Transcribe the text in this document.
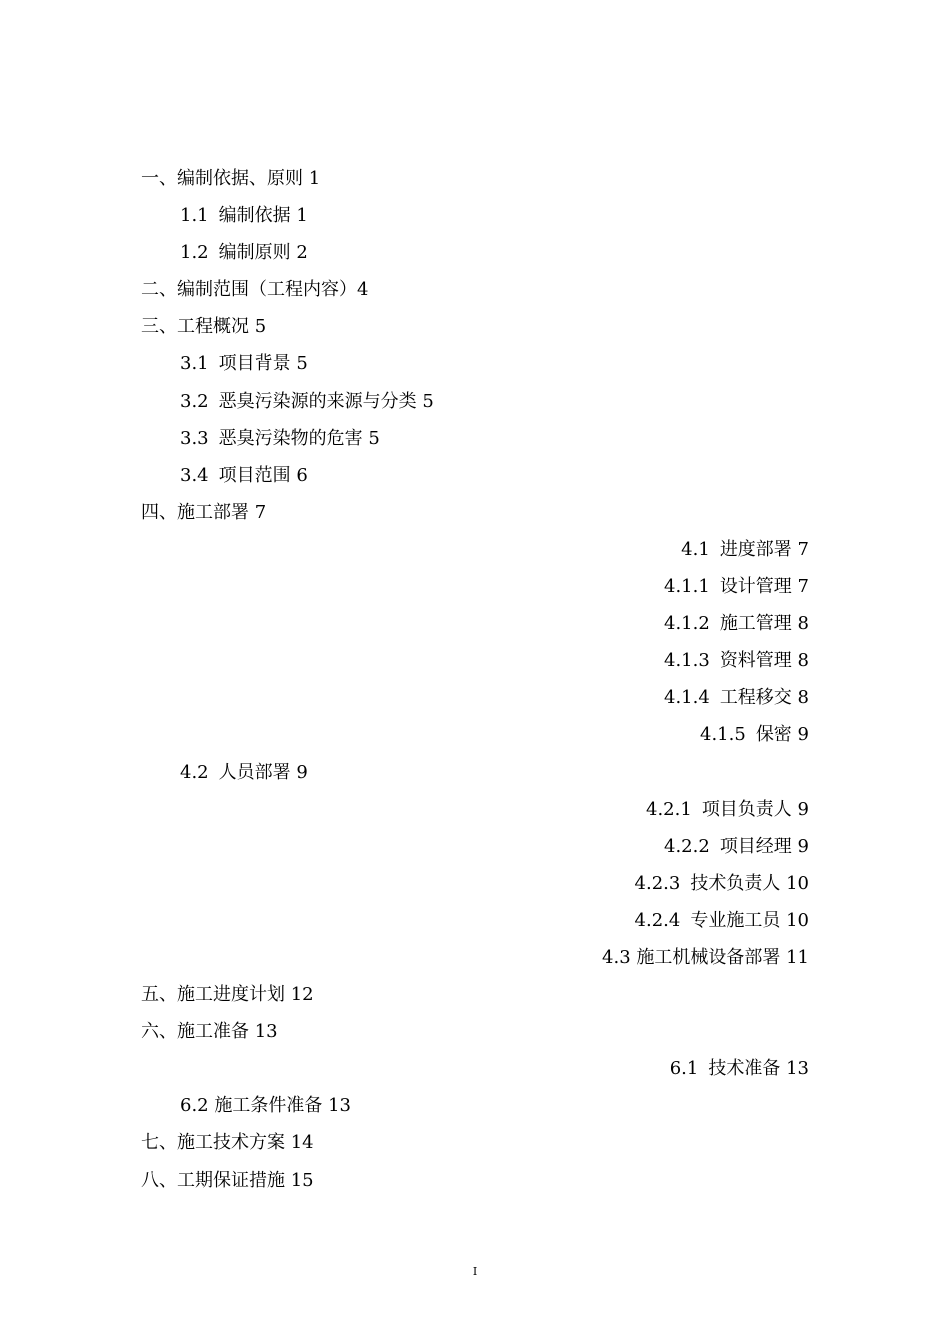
一、编制依据、原则 1
1.1 编制依据 1
1.2 编制原则 2
二、编制范围（工程内容）4
三、工程概况 5
3.1 项目背景 5
3.2 恶臭污染源的来源与分类 5
3.3 恶臭污染物的危害 5
3.4 项目范围 6
四、施工部署 7
4.1 进度部署 7
4.1.1 设计管理 7
4.1.2 施工管理 8
4.1.3 资料管理 8
4.1.4 工程移交 8
4.1.5 保密 9
4.2 人员部署 9
4.2.1 项目负责人 9
4.2.2 项目经理 9
4.2.3 技术负责人 10
4.2.4 专业施工员 10
4.3 施工机械设备部署 11
五、施工进度计划 12
六、施工准备 13
6.1 技术准备 13
6.2 施工条件准备 13
七、施工技术方案 14
八、工期保证措施 15
I
